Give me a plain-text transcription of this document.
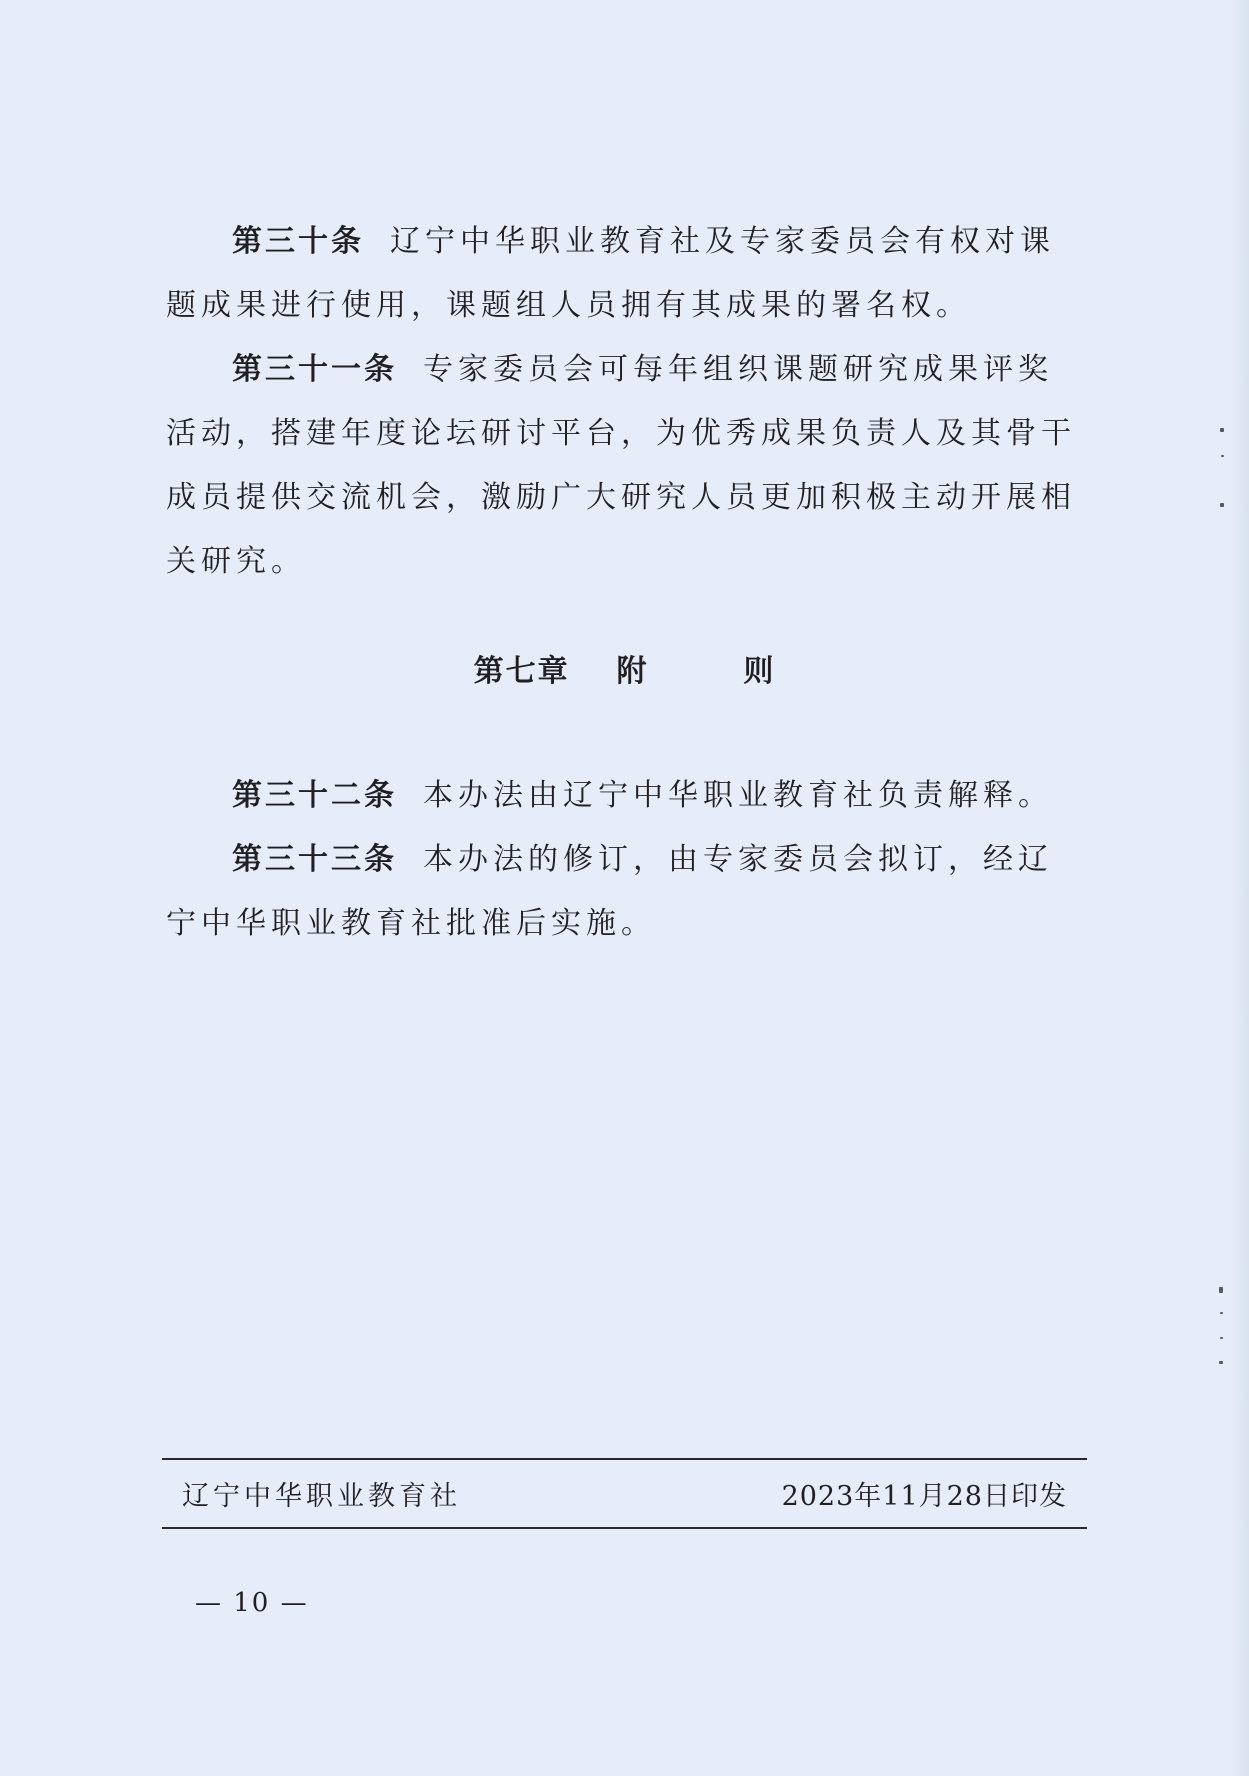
第三十条 辽宁中华职业教育社及专家委员会有权对课题成果进行使用，课题组人员拥有其成果的署名权。

第三十一条 专家委员会可每年组织课题研究成果评奖活动，搭建年度论坛研讨平台，为优秀成果负责人及其骨干成员提供交流机会，激励广大研究人员更加积极主动开展相关研究。

第七章 附	则

第三十二条 本办法由辽宁中华职业教育社负责解释。

第三十三条 本办法的修订，由专家委员会拟订，经辽宁中华职业教育社批准后实施。

辽宁中华职业教育社	2023年11月28日印发
— 10 —
